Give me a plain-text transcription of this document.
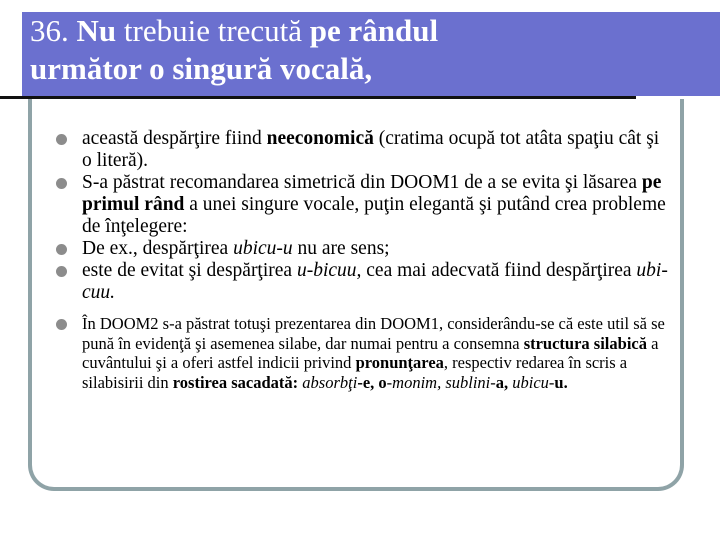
36. Nu trebuie trecută pe rândul
următor o singură vocală,
această despărţire fiind neeconomică (cratima ocupă tot atâta spaţiu cât şi o literă).
S-a păstrat recomandarea simetrică din DOOM1 de a se evita şi lăsarea pe primul rând a unei singure vocale, puţin elegantă şi putând crea probleme de înţelegere:
De ex., despărţirea ubicu-u nu are sens;
este de evitat şi despărţirea u-bicuu, cea mai adecvată fiind despărţirea ubi-cuu.
În DOOM2 s-a păstrat totuşi prezentarea din DOOM1, considerându-se că este util să se pună în evidenţă şi asemenea silabe, dar numai pentru a consemna structura silabică a cuvântului şi a oferi astfel indicii privind pronunţarea, respectiv redarea în scris a silabisirii din rostirea sacadată: absorbţi-e, o-monim, sublini-a, ubicu-u.
